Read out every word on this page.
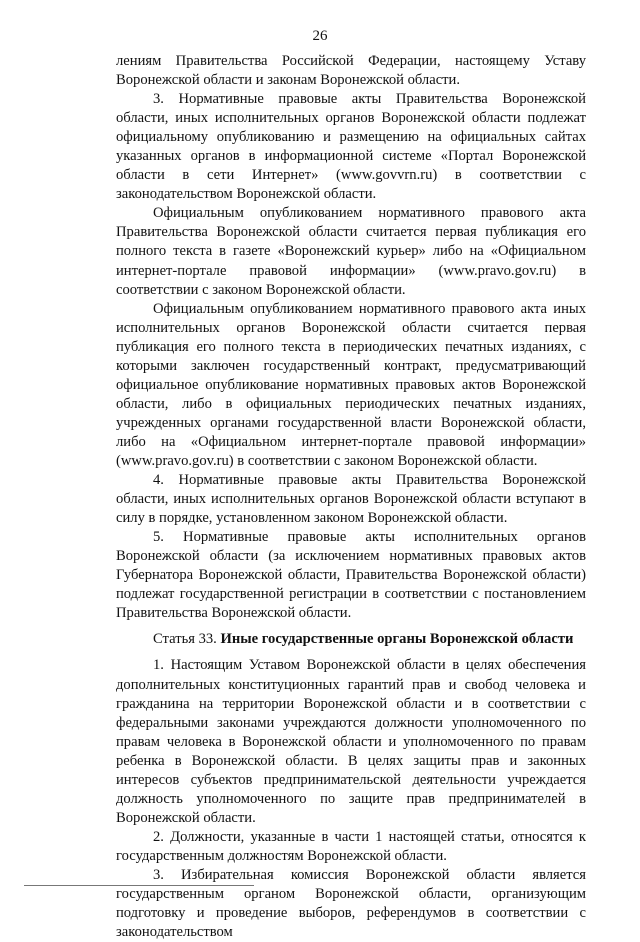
26

лениям Правительства Российской Федерации, настоящему Уставу Воронежской области и законам Воронежской области.

3. Нормативные правовые акты Правительства Воронежской области, иных исполнительных органов Воронежской области подлежат официальному опубликованию и размещению на официальных сайтах указанных органов в информационной системе «Портал Воронежской области в сети Интернет» (www.govvrn.ru) в соответствии с законодательством Воронежской области.

Официальным опубликованием нормативного правового акта Правительства Воронежской области считается первая публикация его полного текста в газете «Воронежский курьер» либо на «Официальном интернет-портале правовой информации» (www.pravo.gov.ru) в соответствии с законом Воронежской области.

Официальным опубликованием нормативного правового акта иных исполнительных органов Воронежской области считается первая публикация его полного текста в периодических печатных изданиях, с которыми заключен государственный контракт, предусматривающий официальное опубликование нормативных правовых актов Воронежской области, либо в официальных периодических печатных изданиях, учрежденных органами государственной власти Воронежской области, либо на «Официальном интернет-портале правовой информации» (www.pravo.gov.ru) в соответствии с законом Воронежской области.

4. Нормативные правовые акты Правительства Воронежской области, иных исполнительных органов Воронежской области вступают в силу в порядке, установленном законом Воронежской области.

5. Нормативные правовые акты исполнительных органов Воронежской области (за исключением нормативных правовых актов Губернатора Воронежской области, Правительства Воронежской области) подлежат государственной регистрации в соответствии с постановлением Правительства Воронежской области.

Статья 33. Иные государственные органы Воронежской области

1. Настоящим Уставом Воронежской области в целях обеспечения дополнительных конституционных гарантий прав и свобод человека и гражданина на территории Воронежской области и в соответствии с федеральными законами учреждаются должности уполномоченного по правам человека в Воронежской области и уполномоченного по правам ребенка в Воронежской области. В целях защиты прав и законных интересов субъектов предпринимательской деятельности учреждается должность уполномоченного по защите прав предпринимателей в Воронежской области.

2. Должности, указанные в части 1 настоящей статьи, относятся к государственным должностям Воронежской области.

3. Избирательная комиссия Воронежской области является государственным органом Воронежской области, организующим подготовку и проведение выборов, референдумов в соответствии с законодательством
